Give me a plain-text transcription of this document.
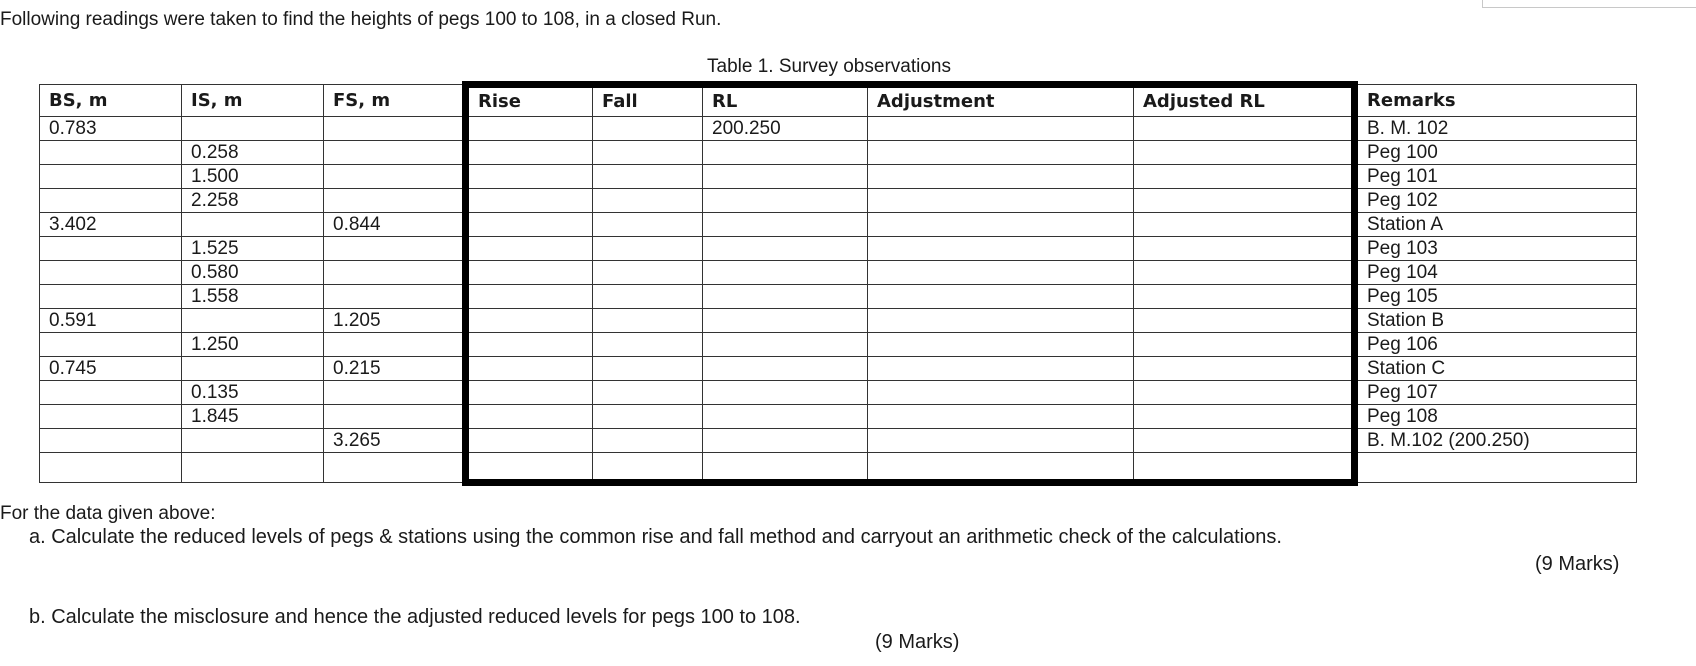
Following readings were taken to find the heights of pegs 100 to 108, in a closed Run.
Table 1. Survey observations
BS, m	IS, m	FS, m	Rise	Fall	RL	Adjustment	Adjusted RL	Remarks
0.783					200.250			B. M. 102
	0.258							Peg 100
	1.500							Peg 101
	2.258							Peg 102
3.402		0.844						Station A
	1.525							Peg 103
	0.580							Peg 104
	1.558							Peg 105
0.591		1.205						Station B
	1.250							Peg 106
0.745		0.215						Station C
	0.135							Peg 107
	1.845							Peg 108
		3.265						B. M.102 (200.250)

For the data given above:
a. Calculate the reduced levels of pegs & stations using the common rise and fall method and carryout an arithmetic check of the calculations.
(9 Marks)
b. Calculate the misclosure and hence the adjusted reduced levels for pegs 100 to 108.
(9 Marks)
